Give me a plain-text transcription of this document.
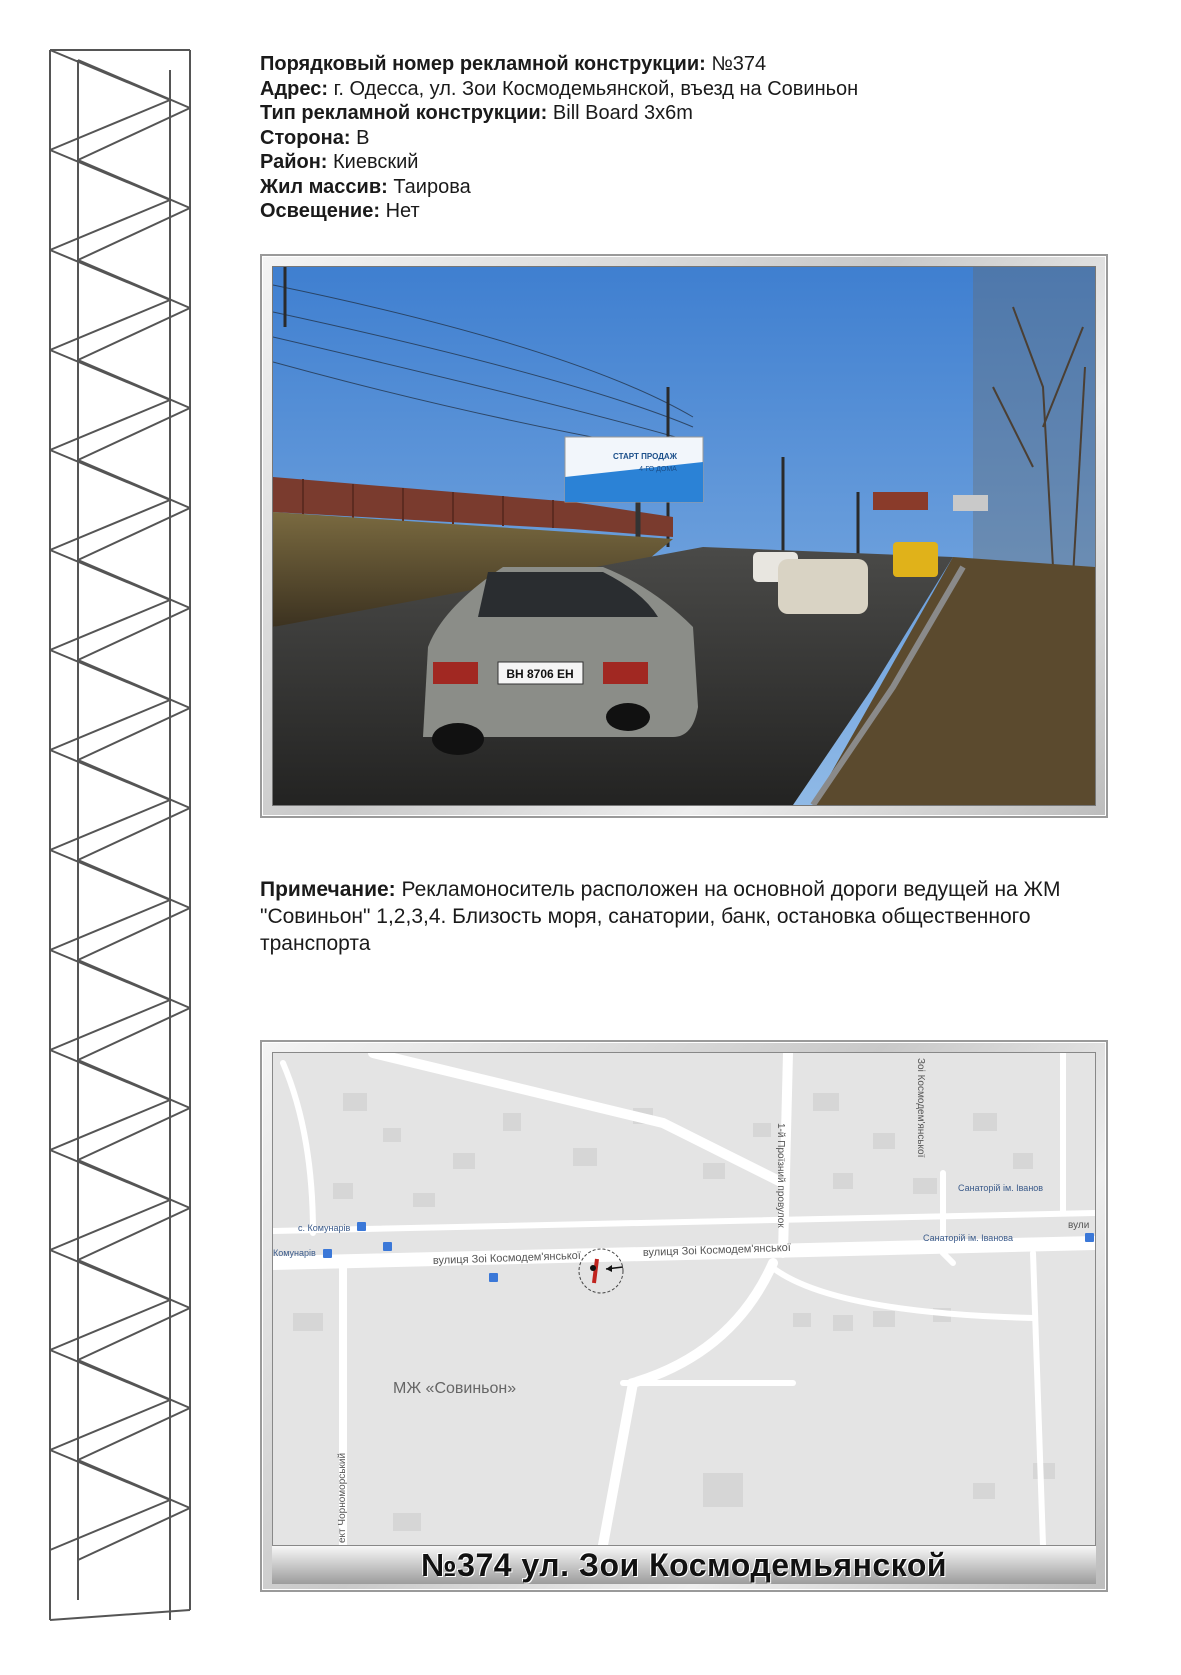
Порядковый номер рекламной конструкции: №374
Адрес: г. Одесса, ул. Зои Космодемьянской, въезд на Совиньон
Тип рекламной конструкции: Bill Board 3х6m
Сторона: В
Район: Киевский
Жил массив: Таирова
Освещение: Нет
СТАРТ ПРОДАЖ
4-ГО ДОМА
ВН 8706 ЕН
Примечание: Рекламоноситель расположен на основной дороги ведущей на ЖМ "Совиньон" 1,2,3,4. Близость моря, санатории, банк, остановка общественного транспорта
вулиця Зоі Космодем'янської	вулиця Зоі Космодем'янської
1-й Проїзний провулок
Зоі Космодем'янської
с. Комунарів
Комунарів
Санаторій ім. Іванов
Санаторій ім. Іванова
вули
МЖ «Совиньон»
ект Чорноморський
№374 ул. Зои Космодемьянской
